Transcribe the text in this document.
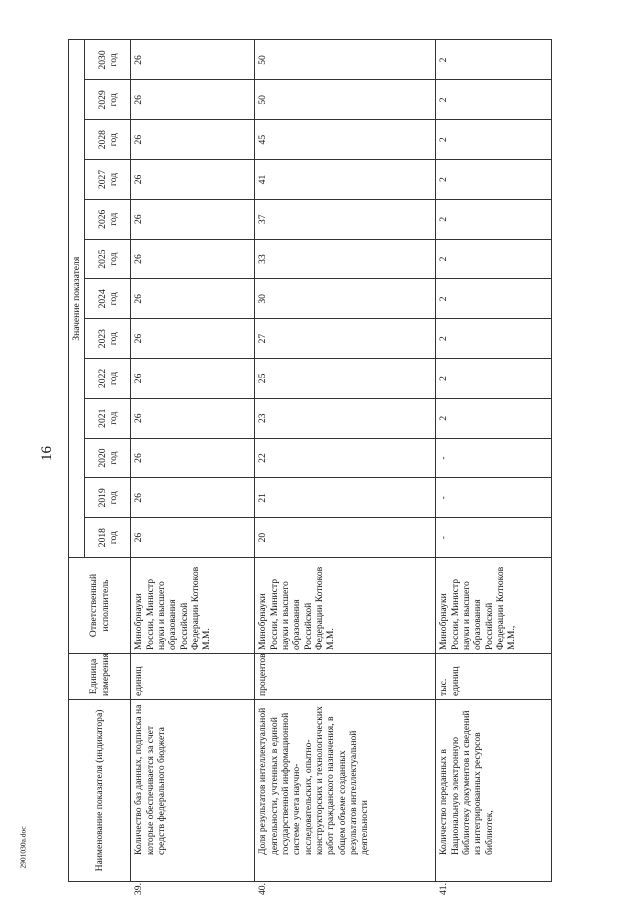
16
2901030а.doc	Наименование показателя (индикатора)	Единица измерения	Ответственный исполнитель	Значение показателя												
			2018 год	2019 год	2020 год	2021 год	2022 год	2023 год	2024 год	2025 год	2026 год	2027 год	2028 год	2029 год	2030 год

39.Количество баз данных, подписка на которые обеспечивается за счет средств федерального бюджета	единиц	Минобрнауки России, Министр науки и высшего образования Российской Федерации Котюков М.М.	26	26	26	26	26	26	26	26	26	26	26	26	26

40.Доля результатов интеллектуальной деятельности, учтенных в единой государственной информационной системе учета научно-исследовательских, опытно-конструкторских и технологических работ гражданского назначения, в общем объеме созданных результатов интеллектуальной деятельности	процентов	Минобрнауки России, Министр науки и высшего образования Российской Федерации Котюков М.М.	20	21	22	23	25	27	30	33	37	41	45	50	50

41.Количество переданных в Национальную электронную библиотеку документов и сведений из интегрированных ресурсов библиотек,	тыс. единиц	Минобрнауки России, Министр науки и высшего образования Российской Федерации Котюков М.М.,	-	-	-	2	2	2	2	2	2	2	2	2	2
